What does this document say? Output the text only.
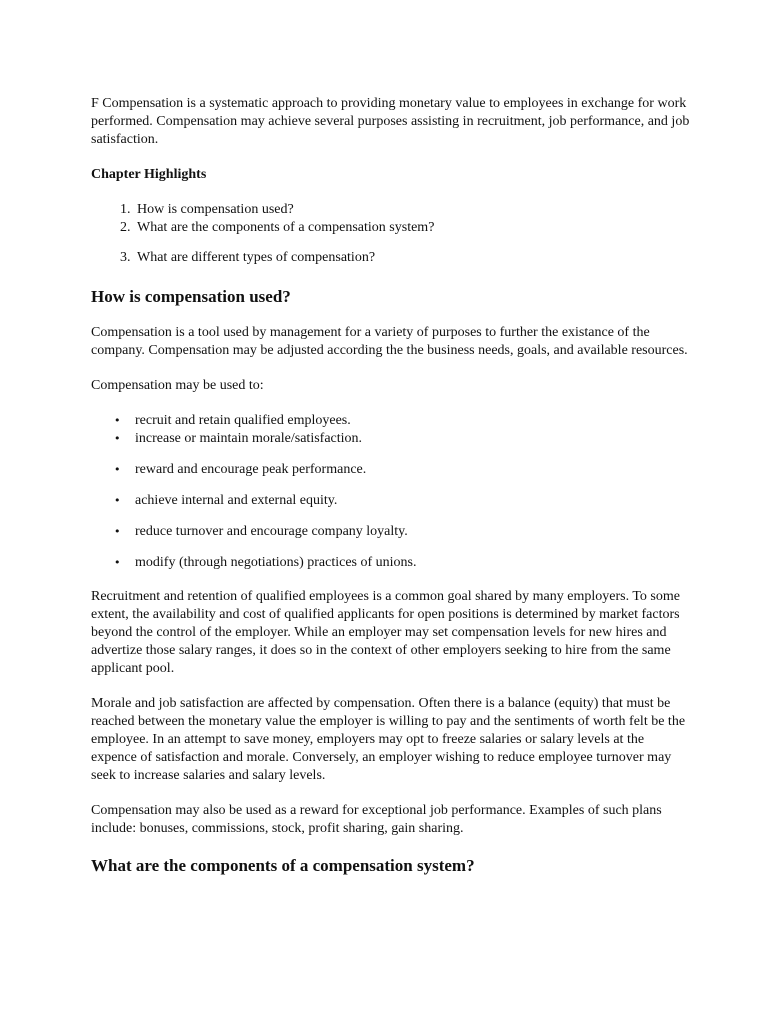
F Compensation is a systematic approach to providing monetary value to employees in exchange for work performed. Compensation may achieve several purposes assisting in recruitment, job performance, and job satisfaction.

Chapter Highlights

1. How is compensation used?
2. What are the components of a compensation system?
3. What are different types of compensation?
How is compensation used?

Compensation is a tool used by management for a variety of purposes to further the existance of the company. Compensation may be adjusted according the the business needs, goals, and available resources.

Compensation may be used to:

• recruit and retain qualified employees.
• increase or maintain morale/satisfaction.
• reward and encourage peak performance.
• achieve internal and external equity.
• reduce turnover and encourage company loyalty.
• modify (through negotiations) practices of unions.

Recruitment and retention of qualified employees is a common goal shared by many employers. To some extent, the availability and cost of qualified applicants for open positions is determined by market factors beyond the control of the employer. While an employer may set compensation levels for new hires and advertize those salary ranges, it does so in the context of other employers seeking to hire from the same applicant pool.

Morale and job satisfaction are affected by compensation. Often there is a balance (equity) that must be reached between the monetary value the employer is willing to pay and the sentiments of worth felt be the employee. In an attempt to save money, employers may opt to freeze salaries or salary levels at the expence of satisfaction and morale. Conversely, an employer wishing to reduce employee turnover may seek to increase salaries and salary levels.

Compensation may also be used as a reward for exceptional job performance. Examples of such plans include: bonuses, commissions, stock, profit sharing, gain sharing.

What are the components of a compensation system?
